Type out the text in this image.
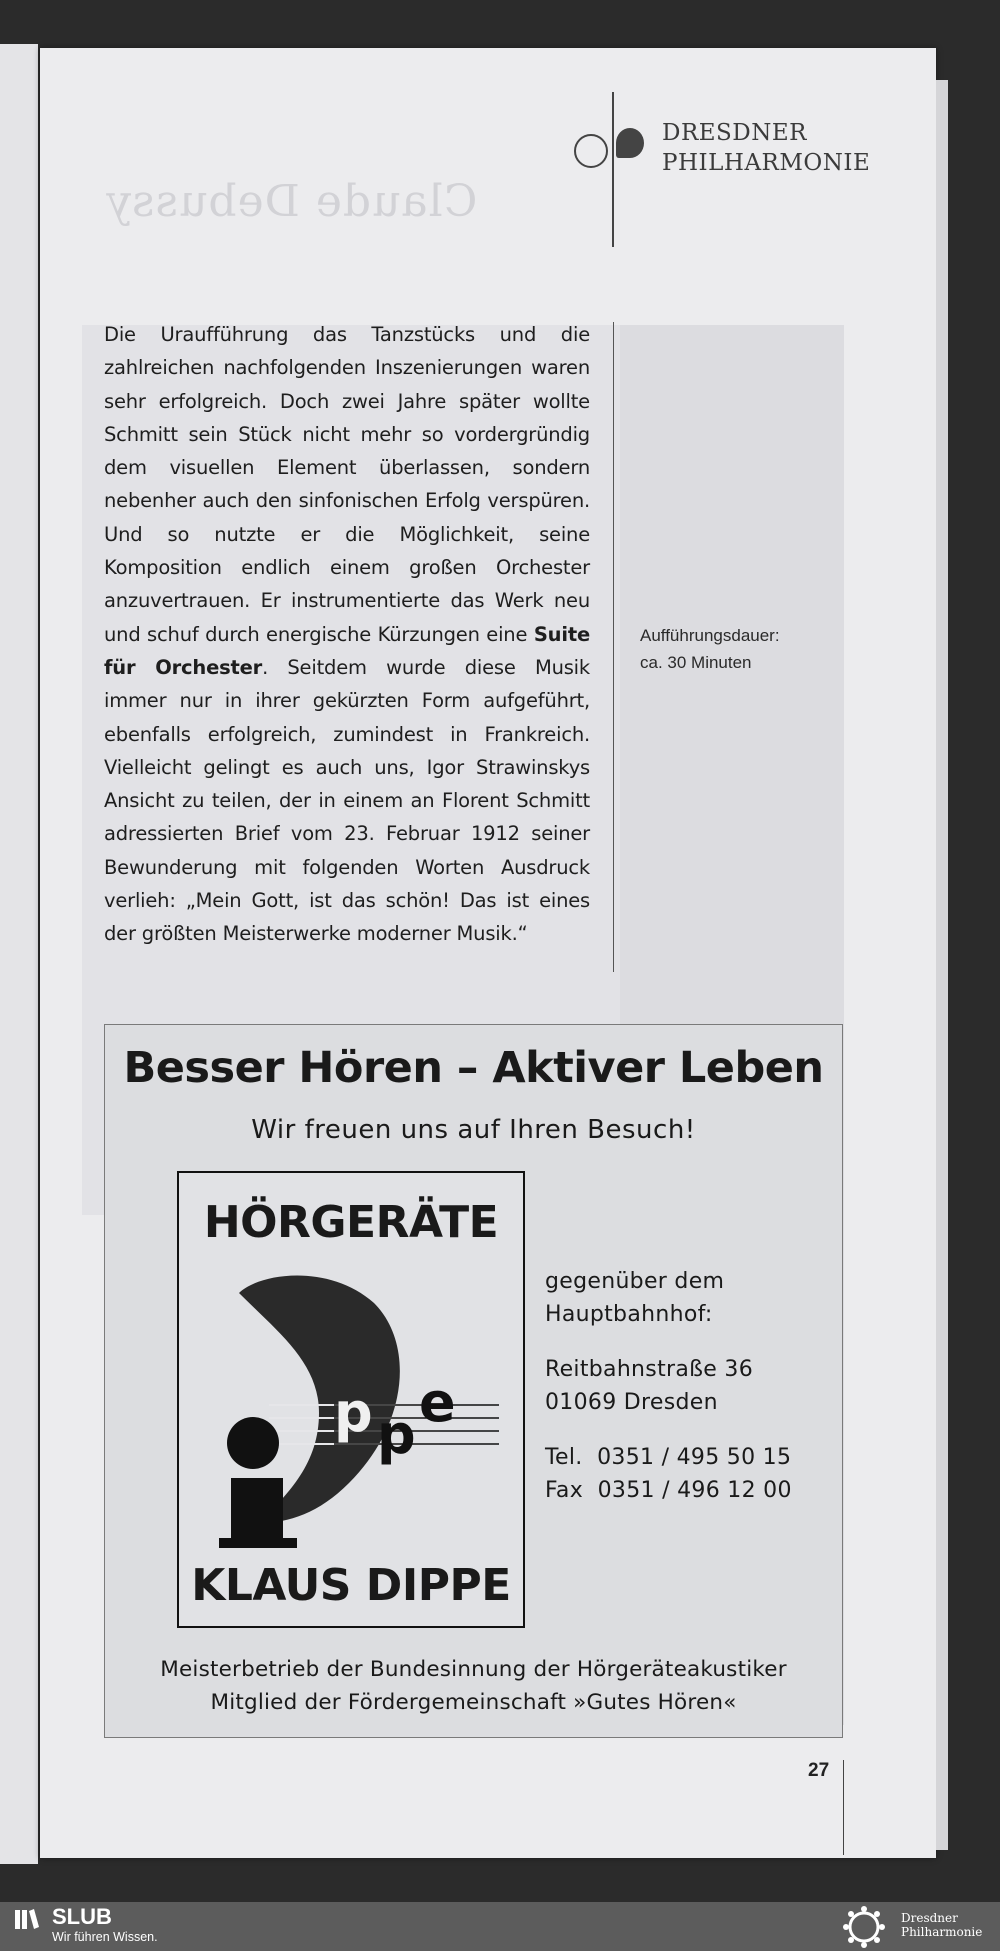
Claude Debussy
DRESDNER
PHILHARMONIE
Die Uraufführung das Tanzstücks und die zahlreichen nachfolgenden Inszenierungen waren sehr erfolgreich. Doch zwei Jahre später wollte Schmitt sein Stück nicht mehr so vordergründig dem visuellen Element überlassen, sondern nebenher auch den sinfonischen Erfolg verspüren. Und so nutzte er die Möglichkeit, seine Komposition endlich einem großen Orchester anzuvertrauen. Er instrumentierte das Werk neu und schuf durch energische Kürzungen eine Suite für Orchester. Seitdem wurde diese Musik immer nur in ihrer gekürzten Form aufgeführt, ebenfalls erfolgreich, zumindest in Frankreich. Vielleicht gelingt es auch uns, Igor Strawinskys Ansicht zu teilen, der in einem an Florent Schmitt adressierten Brief vom 23. Februar 1912 seiner Bewunderung mit folgenden Worten Ausdruck verlieh: „Mein Gott, ist das schön! Das ist eines der größten Meisterwerke moderner Musik.“
Aufführungsdauer:
ca. 30 Minuten
Besser Hören – Aktiver Leben
Wir freuen uns auf Ihren Besuch!
HÖRGERÄTE
p p
e
KLAUS DIPPE
gegenüber dem
Hauptbahnhof:
Reitbahnstraße 36
01069 Dresden
Tel.  0351 / 495 50 15
Fax  0351 / 496 12 00
Meisterbetrieb der Bundesinnung der Hörgeräteakustiker
Mitglied der Fördergemeinschaft »Gutes Hören«
27
SLUB
Wir führen Wissen.
Dresdner
Philharmonie
